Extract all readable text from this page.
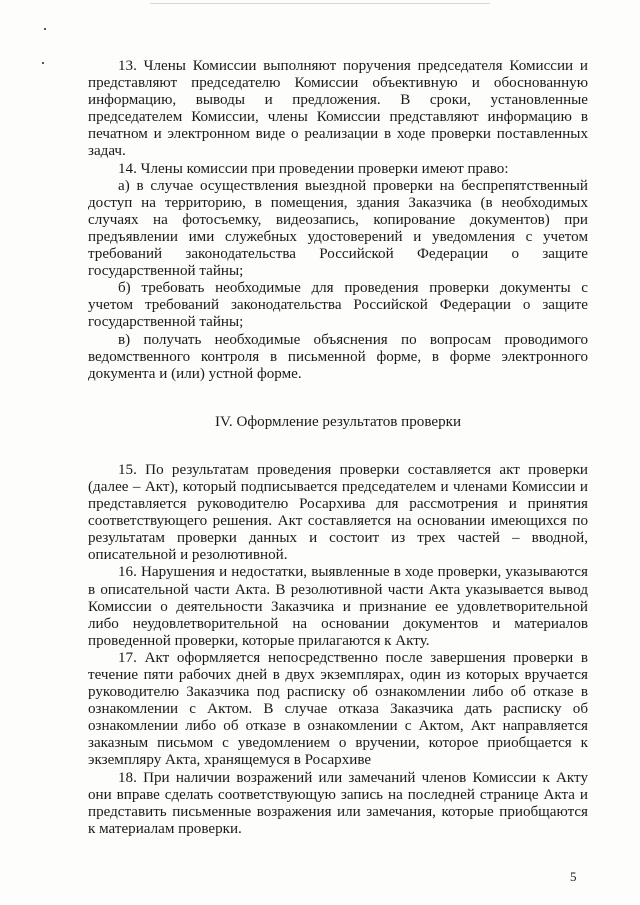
13. Члены Комиссии выполняют поручения председателя Комиссии и представляют председателю Комиссии объективную и обоснованную информацию, выводы и предложения. В сроки, установленные председателем Комиссии, члены Комиссии представляют информацию в печатном и электронном виде о реализации в ходе проверки поставленных задач.

14. Члены комиссии при проведении проверки имеют право:

а) в случае осуществления выездной проверки на беспрепятственный доступ на территорию, в помещения, здания Заказчика (в необходимых случаях на фотосъемку, видеозапись, копирование документов) при предъявлении ими служебных удостоверений и уведомления с учетом требований законодательства Российской Федерации о защите государственной тайны;

б) требовать необходимые для проведения проверки документы с учетом требований законодательства Российской Федерации о защите государственной тайны;

в) получать необходимые объяснения по вопросам проводимого ведомственного контроля в письменной форме, в форме электронного документа и (или) устной форме.

IV. Оформление результатов проверки

15. По результатам проведения проверки составляется акт проверки (далее – Акт), который подписывается председателем и членами Комиссии и представляется руководителю Росархива для рассмотрения и принятия соответствующего решения. Акт составляется на основании имеющихся по результатам проверки данных и состоит из трех частей – вводной, описательной и резолютивной.

16. Нарушения и недостатки, выявленные в ходе проверки, указываются в описательной части Акта. В резолютивной части Акта указывается вывод Комиссии о деятельности Заказчика и признание ее удовлетворительной либо неудовлетворительной на основании документов и материалов проведенной проверки, которые прилагаются к Акту.

17. Акт оформляется непосредственно после завершения проверки в течение пяти рабочих дней в двух экземплярах, один из которых вручается руководителю Заказчика под расписку об ознакомлении либо об отказе в ознакомлении с Актом. В случае отказа Заказчика дать расписку об ознакомлении либо об отказе в ознакомлении с Актом, Акт направляется заказным письмом с уведомлением о вручении, которое приобщается к экземпляру Акта, хранящемуся в Росархиве

18. При наличии возражений или замечаний членов Комиссии к Акту они вправе сделать соответствующую запись на последней странице Акта и представить письменные возражения или замечания, которые приобщаются к материалам проверки.

5
